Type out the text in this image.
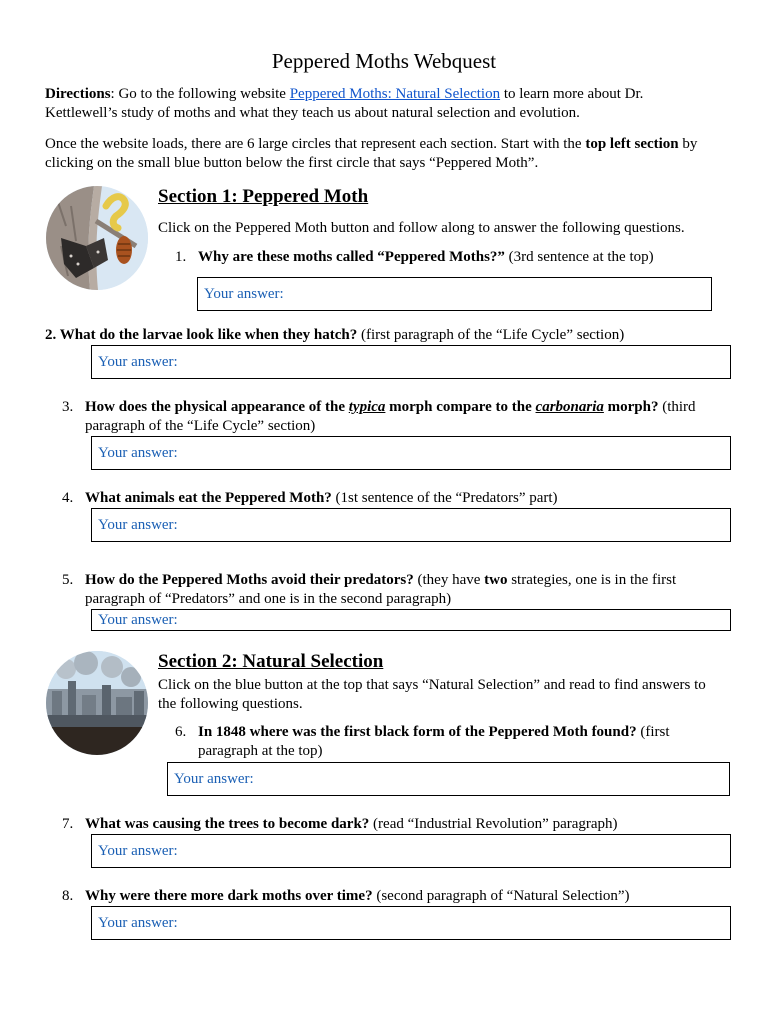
Peppered Moths Webquest
Directions: Go to the following website Peppered Moths: Natural Selection to learn more about Dr.
Kettlewell’s study of moths and what they teach us about natural selection and evolution.
Once the website loads, there are 6 large circles that represent each section. Start with the top left section by
clicking on the small blue button below the first circle that says “Peppered Moth”.
Section 1: Peppered Moth
Click on the Peppered Moth button and follow along to answer the following questions.
1. Why are these moths called “Peppered Moths?” (3rd sentence at the top)
Your answer:
2. What do the larvae look like when they hatch? (first paragraph of the “Life Cycle” section)
Your answer:
3. How does the physical appearance of the typica morph compare to the carbonaria morph? (third
paragraph of the “Life Cycle” section)
Your answer:
4. What animals eat the Peppered Moth? (1st sentence of the “Predators” part)
Your answer:
5. How do the Peppered Moths avoid their predators? (they have two strategies, one is in the first
paragraph of “Predators” and one is in the second paragraph)
Your answer:
Section 2: Natural Selection
Click on the blue button at the top that says “Natural Selection” and read to find answers to
the following questions.
6. In 1848 where was the first black form of the Peppered Moth found? (first
paragraph at the top)
Your answer:
7. What was causing the trees to become dark? (read “Industrial Revolution” paragraph)
Your answer:
8. Why were there more dark moths over time? (second paragraph of “Natural Selection”)
Your answer:
